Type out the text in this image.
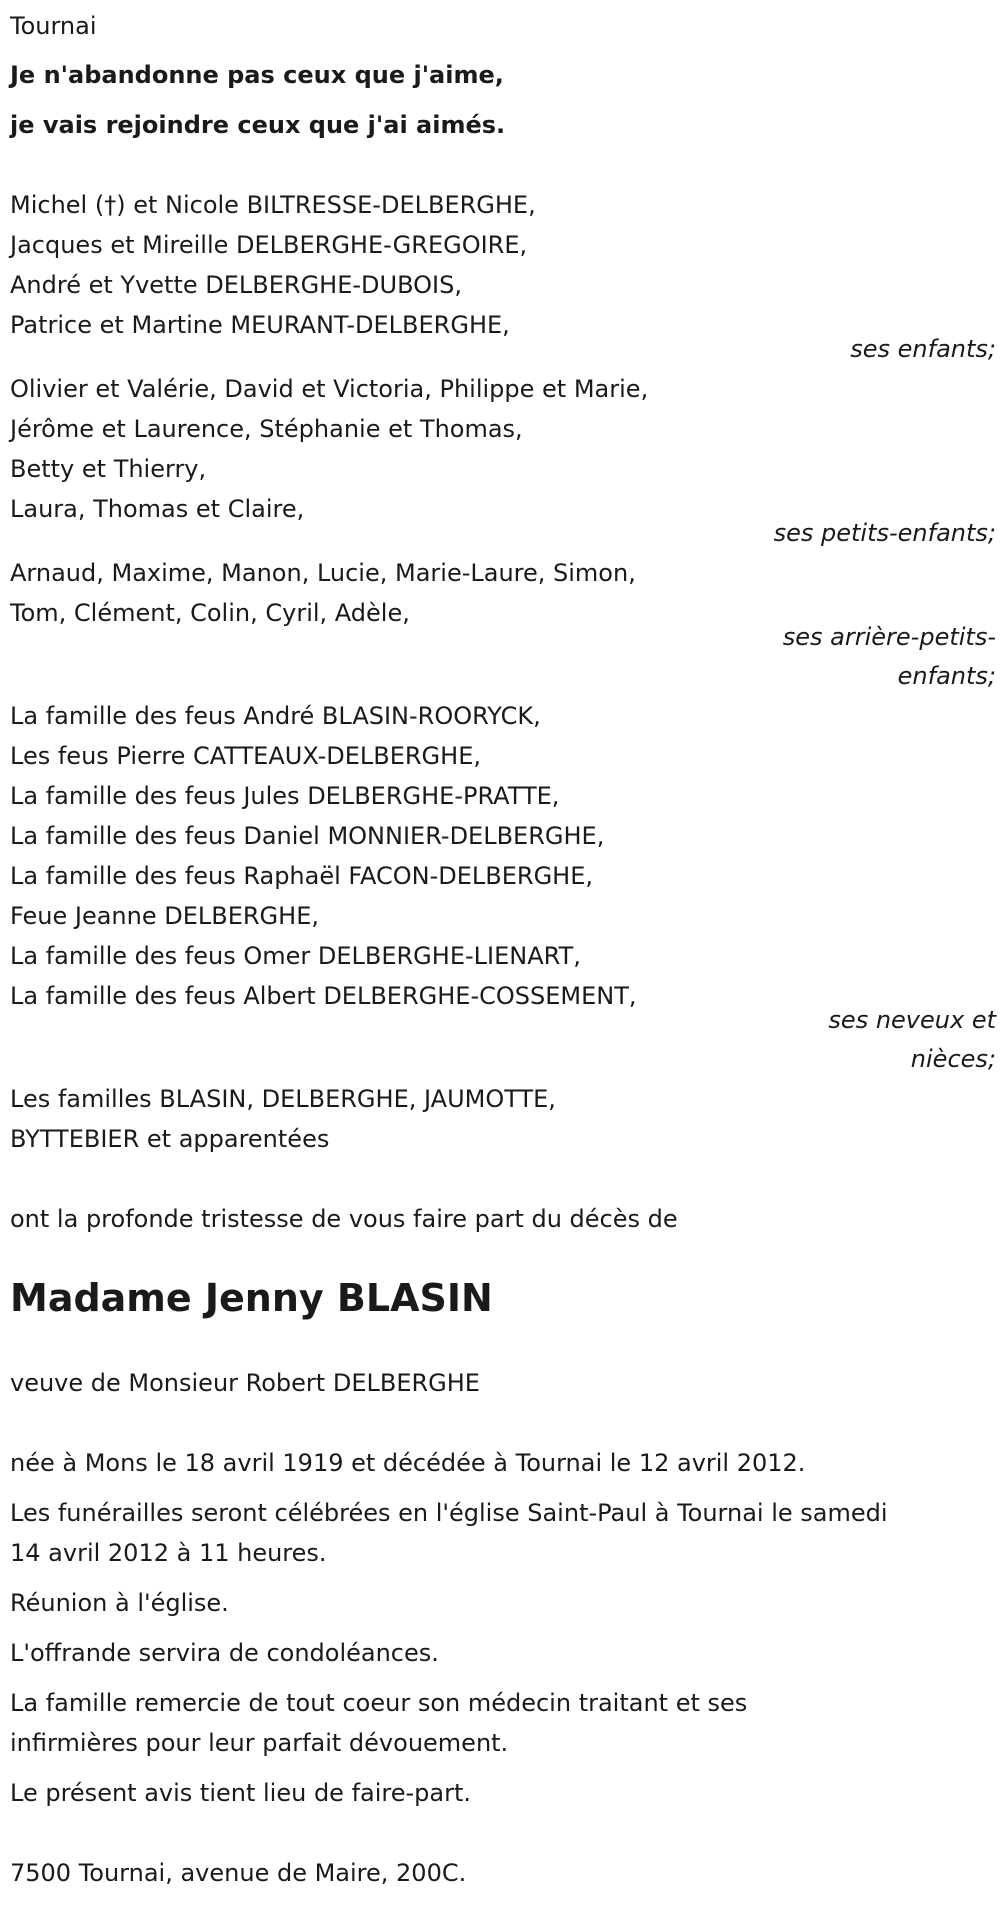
Tournai
Je n'abandonne pas ceux que j'aime,
je vais rejoindre ceux que j'ai aimés.
Michel (†) et Nicole BILTRESSE-DELBERGHE,
Jacques et Mireille DELBERGHE-GREGOIRE,
André et Yvette DELBERGHE-DUBOIS,
Patrice et Martine MEURANT-DELBERGHE,
ses enfants;
Olivier et Valérie, David et Victoria, Philippe et Marie,
Jérôme et Laurence, Stéphanie et Thomas,
Betty et Thierry,
Laura, Thomas et Claire,
ses petits-enfants;
Arnaud, Maxime, Manon, Lucie, Marie-Laure, Simon,
Tom, Clément, Colin, Cyril, Adèle,
ses arrière-petits-
enfants;
La famille des feus André BLASIN-ROORYCK,
Les feus Pierre CATTEAUX-DELBERGHE,
La famille des feus Jules DELBERGHE-PRATTE,
La famille des feus Daniel MONNIER-DELBERGHE,
La famille des feus Raphaël FACON-DELBERGHE,
Feue Jeanne DELBERGHE,
La famille des feus Omer DELBERGHE-LIENART,
La famille des feus Albert DELBERGHE-COSSEMENT,
ses neveux et
nièces;
Les familles BLASIN, DELBERGHE, JAUMOTTE,
BYTTEBIER et apparentées
ont la profonde tristesse de vous faire part du décès de
Madame Jenny BLASIN
veuve de Monsieur Robert DELBERGHE
née à Mons le 18 avril 1919 et décédée à Tournai le 12 avril 2012.
Les funérailles seront célébrées en l'église Saint-Paul à Tournai le samedi
14 avril 2012 à 11 heures.
Réunion à l'église.
L'offrande servira de condoléances.
La famille remercie de tout coeur son médecin traitant et ses
infirmières pour leur parfait dévouement.
Le présent avis tient lieu de faire-part.
7500 Tournai, avenue de Maire, 200C.
